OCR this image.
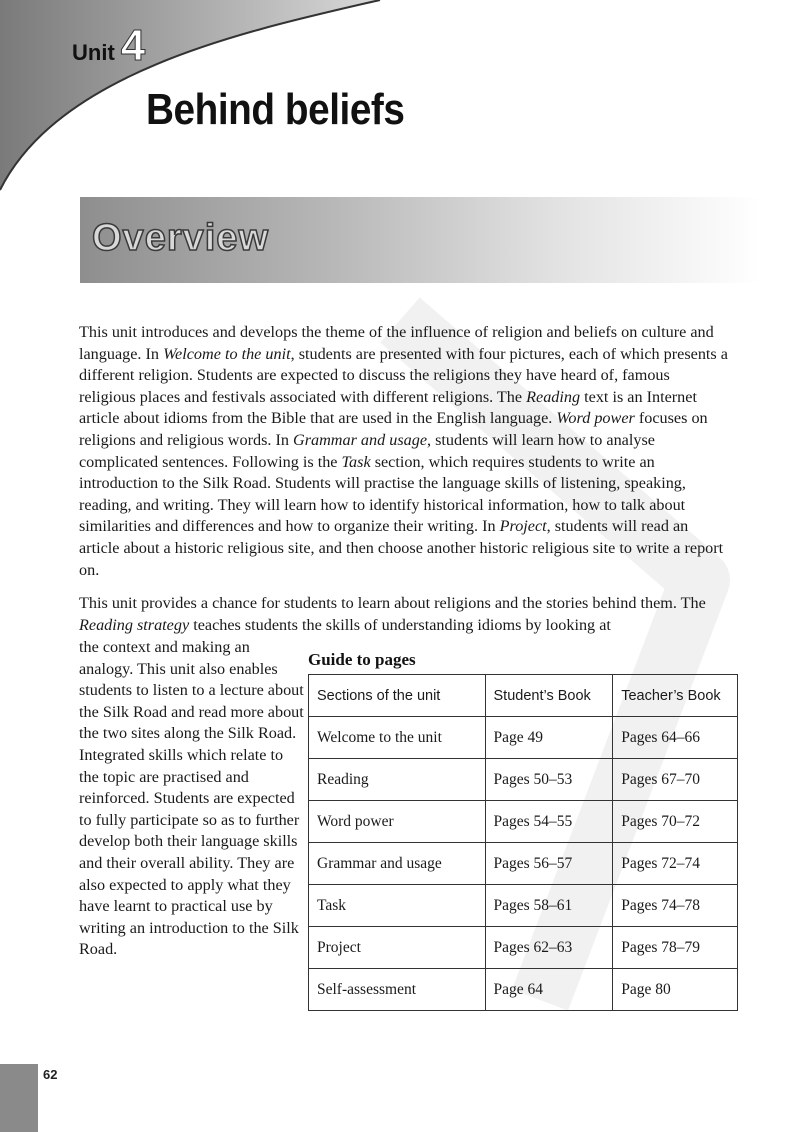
Unit 4
Behind beliefs
Overview

This unit introduces and develops the theme of the influence of religion and beliefs on culture and language. In Welcome to the unit, students are presented with four pictures, each of which presents a different religion. Students are expected to discuss the religions they have heard of, famous religious places and festivals associated with different religions. The Reading text is an Internet article about idioms from the Bible that are used in the English language. Word power focuses on religions and religious words. In Grammar and usage, students will learn how to analyse complicated sentences. Following is the Task section, which requires students to write an introduction to the Silk Road. Students will practise the language skills of listening, speaking, reading, and writing. They will learn how to identify historical information, how to talk about similarities and differences and how to organize their writing. In Project, students will read an article about a historic religious site, and then choose another historic religious site to write a report on.

This unit provides a chance for students to learn about religions and the stories behind them. The Reading strategy teaches students the skills of understanding idioms by looking at

the context and making an analogy. This unit also enables students to listen to a lecture about the Silk Road and read more about the two sites along the Silk Road. Integrated skills which relate to the topic are practised and reinforced. Students are expected to fully participate so as to further develop both their language skills and their overall ability. They are also expected to apply what they have learnt to practical use by writing an introduction to the Silk Road.

Guide to pages
Sections of the unit	Student’s Book	Teacher’s Book
Welcome to the unit	Page 49	Pages 64–66
Reading	Pages 50–53	Pages 67–70
Word power	Pages 54–55	Pages 70–72
Grammar and usage	Pages 56–57	Pages 72–74
Task	Pages 58–61	Pages 74–78
Project	Pages 62–63	Pages 78–79
Self-assessment	Page 64	Page 80
62
